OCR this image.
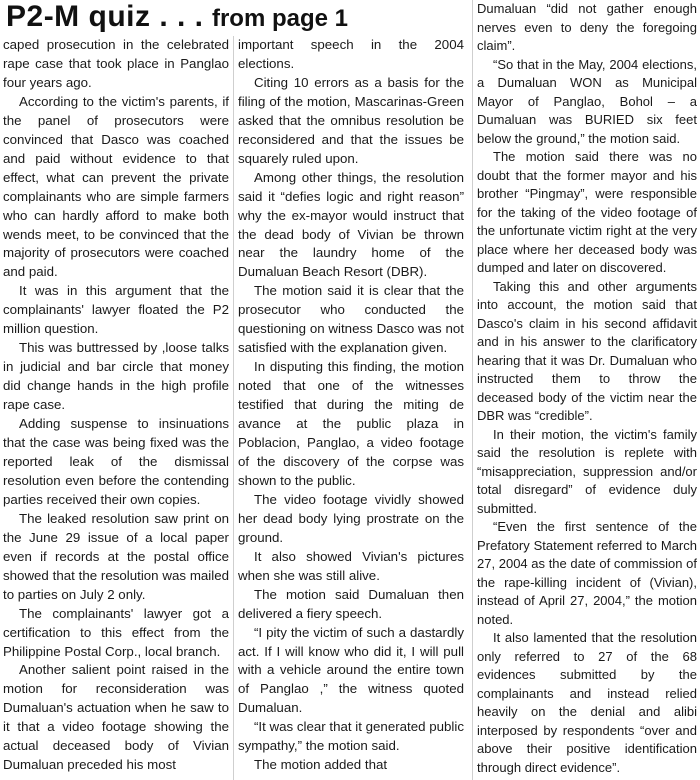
P2-M quiz . . . from page 1

caped prosecution in the celebrated rape case that took place in Panglao four years ago.

According to the victim's parents, if the panel of prosecutors were convinced that Dasco was coached and paid without evidence to that effect, what can prevent the private complainants who are simple farmers who can hardly afford to make both wends meet, to be convinced that the majority of prosecutors were coached and paid.

It was in this argument that the complainants' lawyer floated the P2 million question.

This was buttressed by ,loose talks in judicial and bar circle that money did change hands in the high profile rape case.

Adding suspense to insinuations that the case was being fixed was the reported leak of the dismissal resolution even before the contending parties received their own copies.

The leaked resolution saw print on the June 29 issue of a local paper even if records at the postal office showed that the resolution was mailed to parties on July 2 only.

The complainants' lawyer got a certification to this effect from the Philippine Postal Corp., local branch.

Another salient point raised in the motion for reconsideration was Dumaluan's actuation when he saw to it that a video footage showing the actual deceased body of Vivian Dumaluan preceded his most

important speech in the 2004 elections.

Citing 10 errors as a basis for the filing of the motion, Mascarinas-Green asked that the omnibus resolution be reconsidered and that the issues be squarely ruled upon.

Among other things, the resolution said it “defies logic and right reason” why the ex-mayor would instruct that the dead body of Vivian be thrown near the laundry home of the Dumaluan Beach Resort (DBR).

The motion said it is clear that the prosecutor who conducted the questioning on witness Dasco was not satisfied with the explanation given.

In disputing this finding, the motion noted that one of the witnesses testified that during the miting de avance at the public plaza in Poblacion, Panglao, a video footage of the discovery of the corpse was shown to the public.

The video footage vividly showed her dead body lying prostrate on the ground.

It also showed Vivian's pictures when she was still alive.

The motion said Dumaluan then delivered a fiery speech.

“I pity the victim of such a dastardly act. If I will know who did it, I will pull with a vehicle around the entire town of Panglao ,” the witness quoted Dumaluan.

“It was clear that it generated public sympathy,” the motion said.

The motion added that

Dumaluan “did not gather enough nerves even to deny the foregoing claim”.

“So that in the May, 2004 elections, a Dumaluan WON as Municipal Mayor of Panglao, Bohol – a Dumaluan was BURIED six feet below the ground,” the motion said.

The motion said there was no doubt that the former mayor and his brother “Pingmay”, were responsible for the taking of the video footage of the unfortunate victim right at the very place where her deceased body was dumped and later on discovered.

Taking this and other arguments into account, the motion said that Dasco's claim in his second affidavit and in his answer to the clarificatory hearing that it was Dr. Dumaluan who instructed them to throw the deceased body of the victim near the DBR was “credible”.

In their motion, the victim's family said the resolution is replete with “misappreciation, suppression and/or total disregard” of evidence duly submitted.

“Even the first sentence of the Prefatory Statement referred to March 27, 2004 as the date of commission of the rape-killing incident of (Vivian), instead of April 27, 2004,” the motion noted.

It also lamented that the resolution only referred to 27 of the 68 evidences submitted by the complainants and instead relied heavily on the denial and alibi interposed by respondents “over and above their positive identification through direct evidence”.
